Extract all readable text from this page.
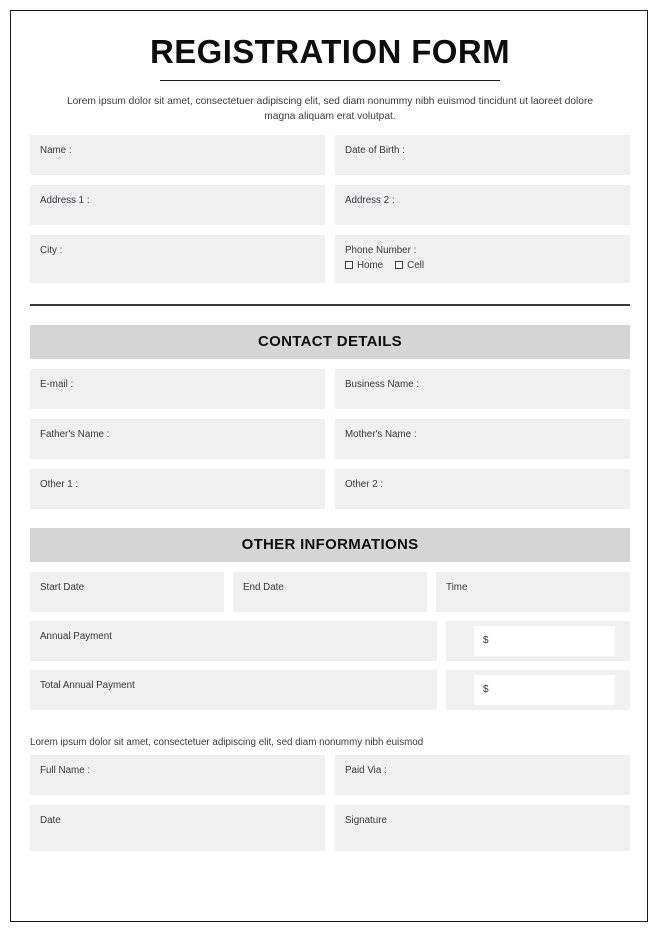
REGISTRATION FORM

Lorem ipsum dolor sit amet, consectetuer adipiscing elit, sed diam nonummy nibh euismod tincidunt ut laoreet dolore magna aliquam erat volutpat.

Name :	Date of Birth :
Address 1 :	Address 2 :
City :	Phone Number :
Home Cell
CONTACT DETAILS
E-mail :	Business Name :
Father's Name :	Mother's Name :
Other 1 :	Other 2 :
OTHER INFORMATIONS
Start Date	End Date	Time
Annual Payment	$
Total Annual Payment	$
Lorem ipsum dolor sit amet, consectetuer adipiscing elit, sed diam nonummy nibh euismod
Full Name :	Paid Via :
Date	Signature
